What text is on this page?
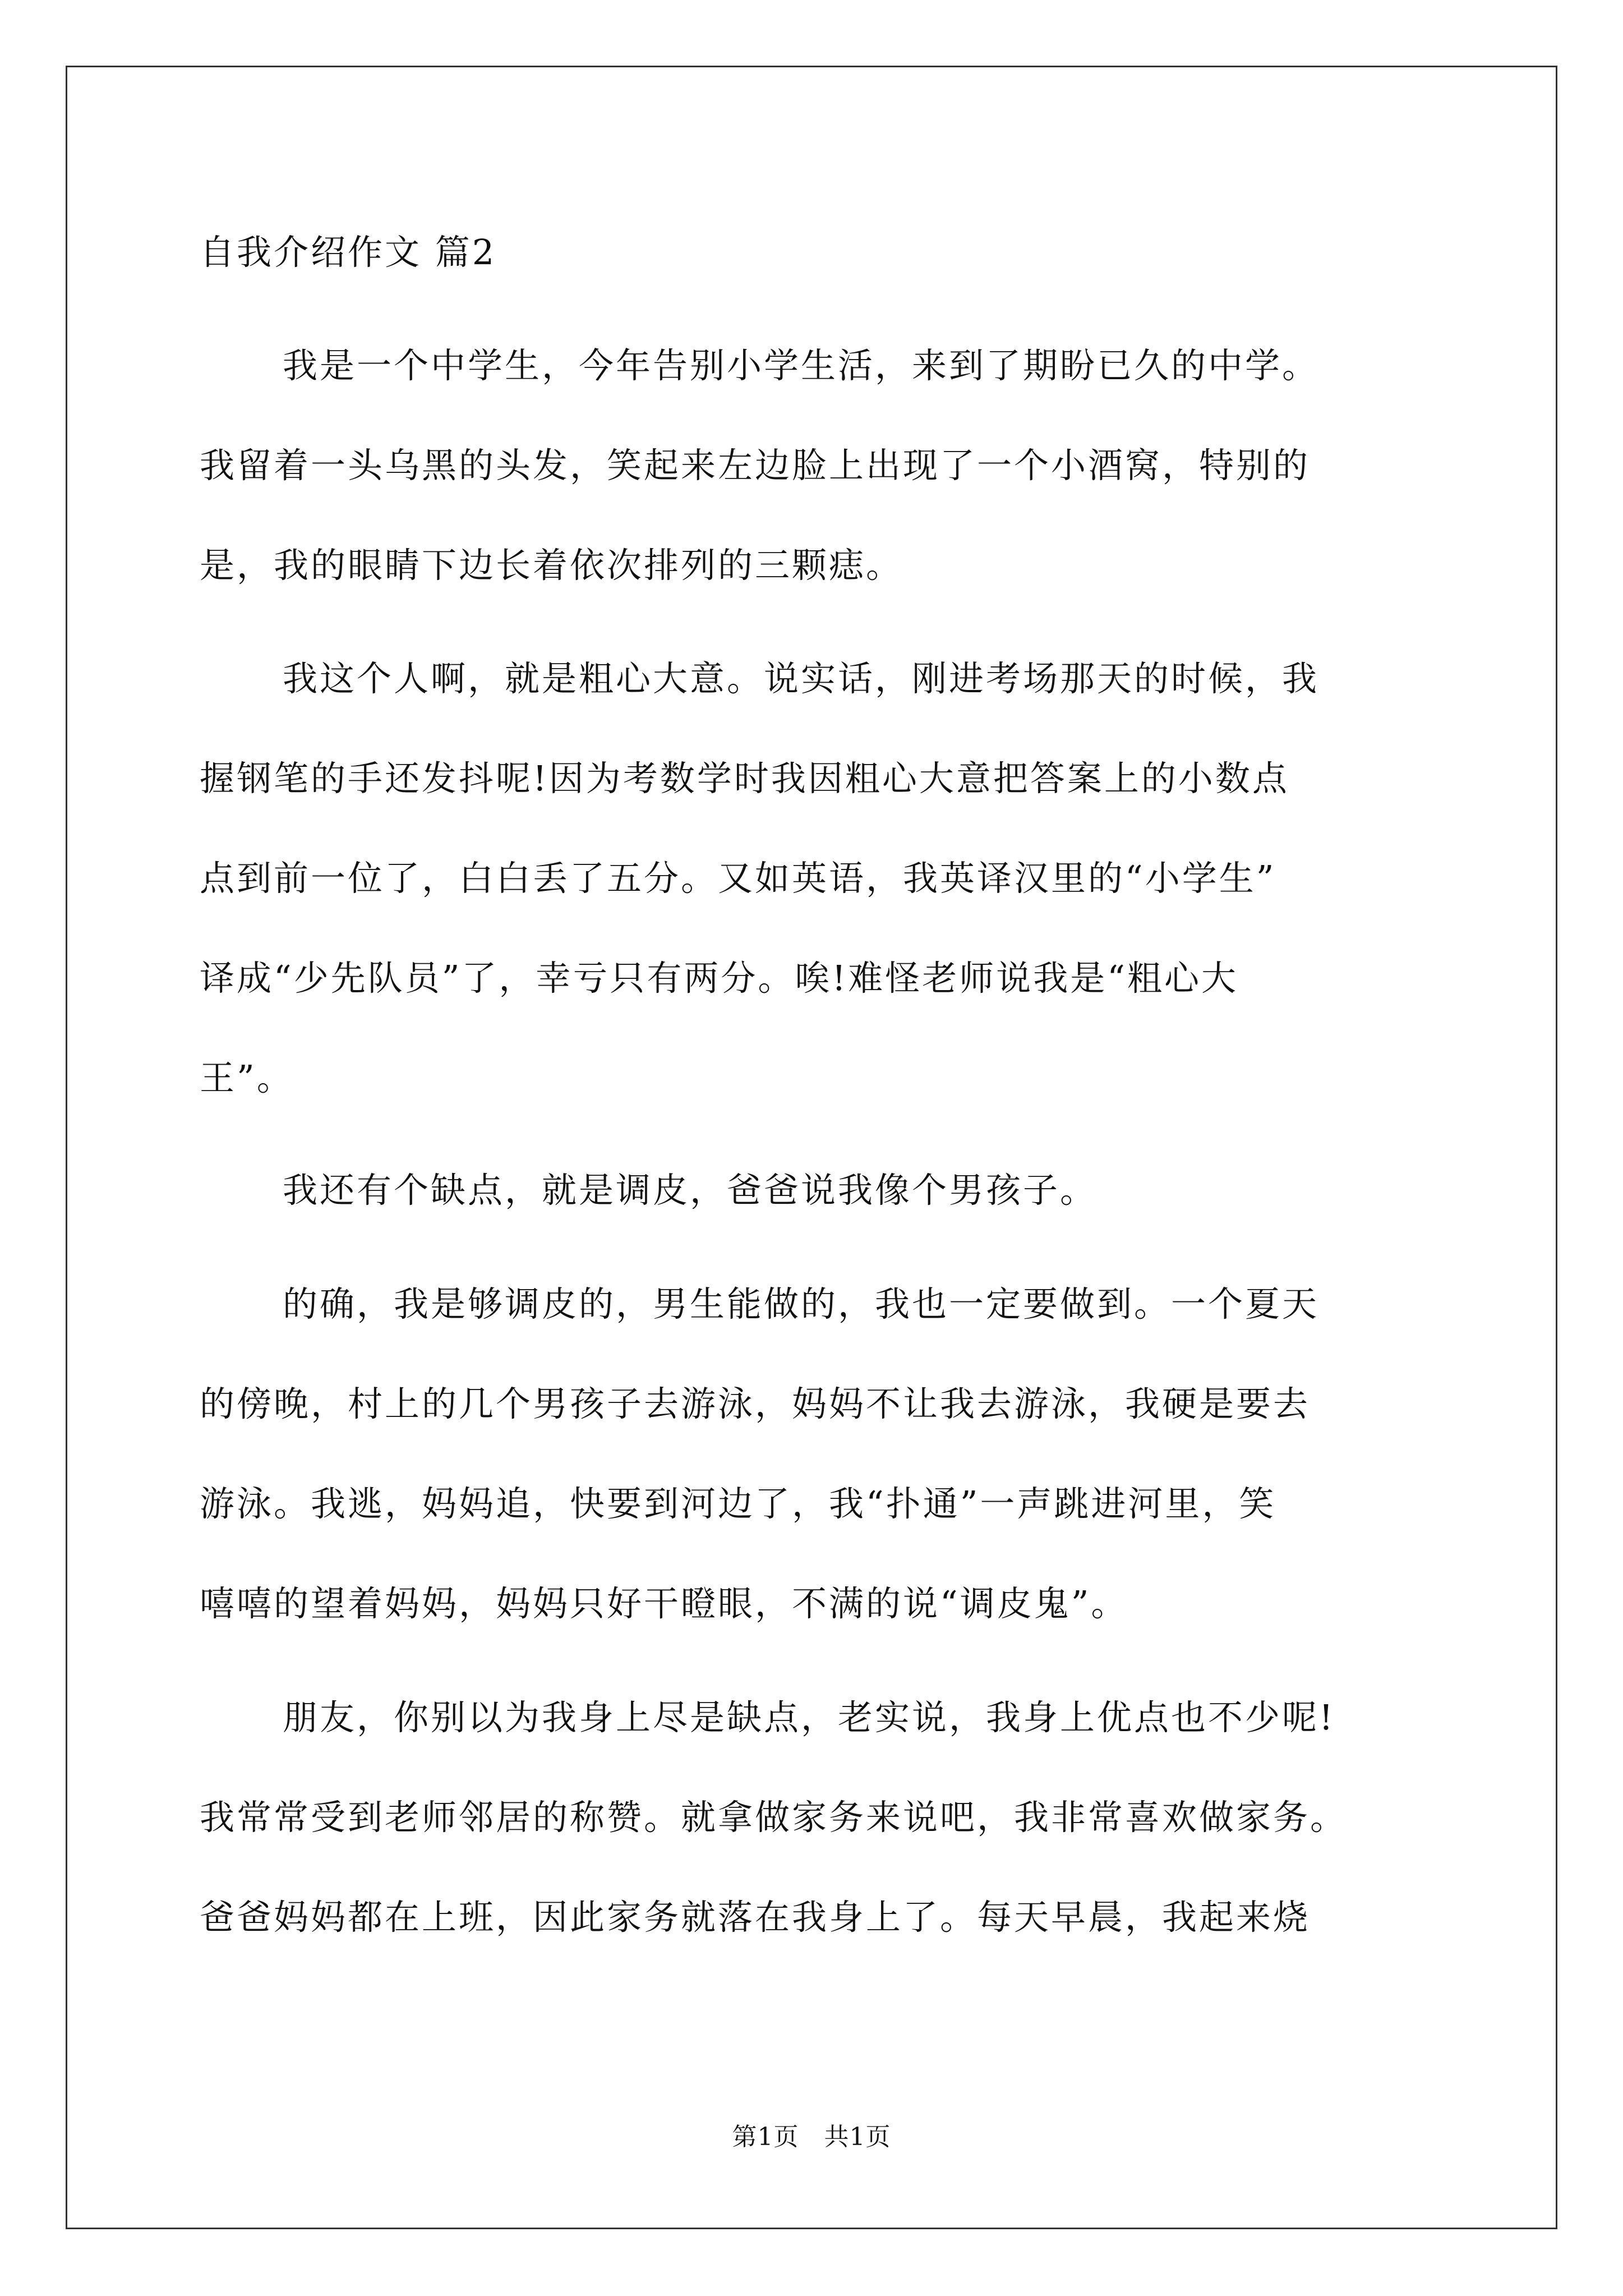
自我介绍作文 篇2
我是一个中学生，今年告别小学生活，来到了期盼已久的中学。
我留着一头乌黑的头发，笑起来左边脸上出现了一个小酒窝，特别的
是，我的眼睛下边长着依次排列的三颗痣。
我这个人啊，就是粗心大意。说实话，刚进考场那天的时候，我
握钢笔的手还发抖呢!因为考数学时我因粗心大意把答案上的小数点
点到前一位了，白白丢了五分。又如英语，我英译汉里的“小学生”
译成“少先队员”了，幸亏只有两分。唉!难怪老师说我是“粗心大
王”。
我还有个缺点，就是调皮，爸爸说我像个男孩子。
的确，我是够调皮的，男生能做的，我也一定要做到。一个夏天
的傍晚，村上的几个男孩子去游泳，妈妈不让我去游泳，我硬是要去
游泳。我逃，妈妈追，快要到河边了，我“扑通”一声跳进河里，笑
嘻嘻的望着妈妈，妈妈只好干瞪眼，不满的说“调皮鬼”。
朋友，你别以为我身上尽是缺点，老实说，我身上优点也不少呢!
我常常受到老师邻居的称赞。就拿做家务来说吧，我非常喜欢做家务。
爸爸妈妈都在上班，因此家务就落在我身上了。每天早晨，我起来烧
第1页　共1页
